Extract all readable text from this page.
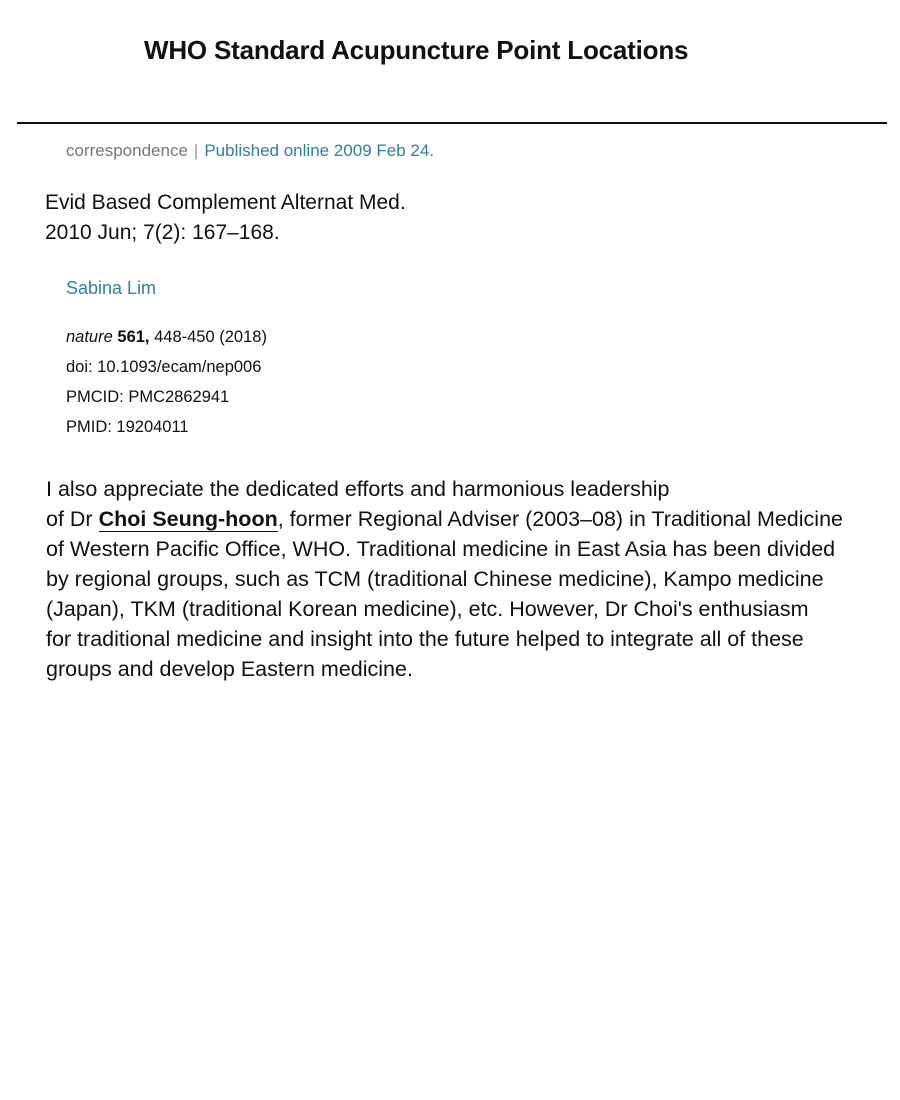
WHO Standard Acupuncture Point Locations
correspondence | Published online 2009 Feb 24.
Evid Based Complement Alternat Med.
2010 Jun; 7(2): 167–168.
Sabina Lim
nature 561, 448-450 (2018)
doi: 10.1093/ecam/nep006
PMCID: PMC2862941
PMID: 19204011
I also appreciate the dedicated efforts and harmonious leadership
of Dr Choi Seung-hoon, former Regional Adviser (2003–08) in Traditional Medicine
of Western Pacific Office, WHO. Traditional medicine in East Asia has been divided
by regional groups, such as TCM (traditional Chinese medicine), Kampo medicine
(Japan), TKM (traditional Korean medicine), etc. However, Dr Choi's enthusiasm
for traditional medicine and insight into the future helped to integrate all of these
groups and develop Eastern medicine.
